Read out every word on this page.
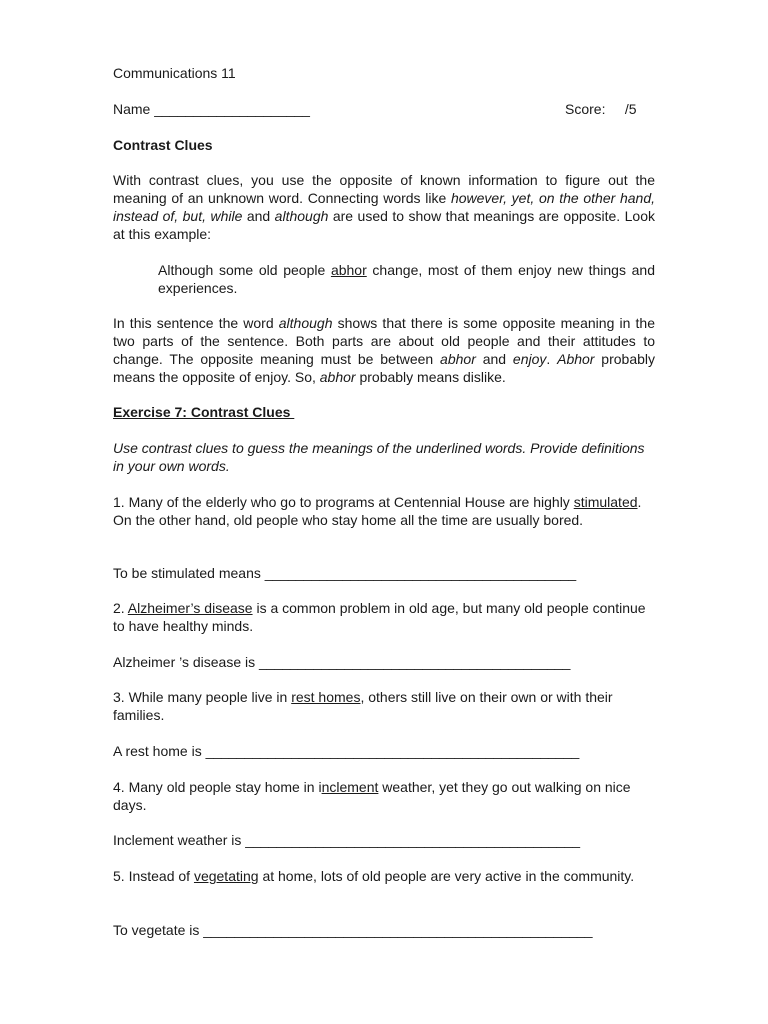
Communications 11

Name ____________________	Score:     /5

Contrast Clues

With contrast clues, you use the opposite of known information to figure out the meaning of an unknown word. Connecting words like however, yet, on the other hand, instead of, but, while and although are used to show that meanings are opposite. Look at this example:

Although some old people abhor change, most of them enjoy new things and experiences.

In this sentence the word although shows that there is some opposite meaning in the two parts of the sentence. Both parts are about old people and their attitudes to change. The opposite meaning must be between abhor and enjoy. Abhor probably means the opposite of enjoy. So, abhor probably means dislike.

Exercise 7: Contrast Clues

Use contrast clues to guess the meanings of the underlined words. Provide definitions in your own words.

1. Many of the elderly who go to programs at Centennial House are highly stimulated. On the other hand, old people who stay home all the time are usually bored.

To be stimulated means ________________________________________

2. Alzheimer’s disease is a common problem in old age, but many old people continue to have healthy minds.

Alzheimer ’s disease is ________________________________________

3. While many people live in rest homes, others still live on their own or with their families.

A rest home is ________________________________________________

4. Many old people stay home in inclement weather, yet they go out walking on nice days.

Inclement weather is ___________________________________________

5. Instead of vegetating at home, lots of old people are very active in the community.

To vegetate is __________________________________________________
